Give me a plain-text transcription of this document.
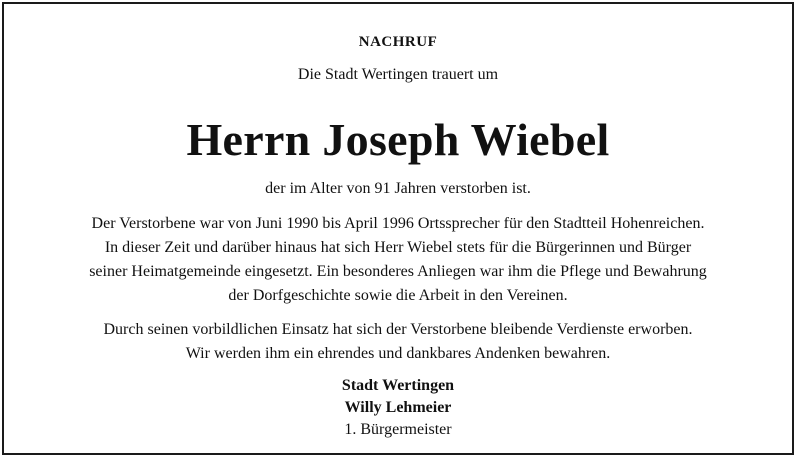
NACHRUF
Die Stadt Wertingen trauert um
Herrn Joseph Wiebel
der im Alter von 91 Jahren verstorben ist.
Der Verstorbene war von Juni 1990 bis April 1996 Ortssprecher für den Stadtteil Hohenreichen.
In dieser Zeit und darüber hinaus hat sich Herr Wiebel stets für die Bürgerinnen und Bürger
seiner Heimatgemeinde eingesetzt. Ein besonderes Anliegen war ihm die Pflege und Bewahrung
der Dorfgeschichte sowie die Arbeit in den Vereinen.
Durch seinen vorbildlichen Einsatz hat sich der Verstorbene bleibende Verdienste erworben.
Wir werden ihm ein ehrendes und dankbares Andenken bewahren.
Stadt Wertingen
Willy Lehmeier
1. Bürgermeister
